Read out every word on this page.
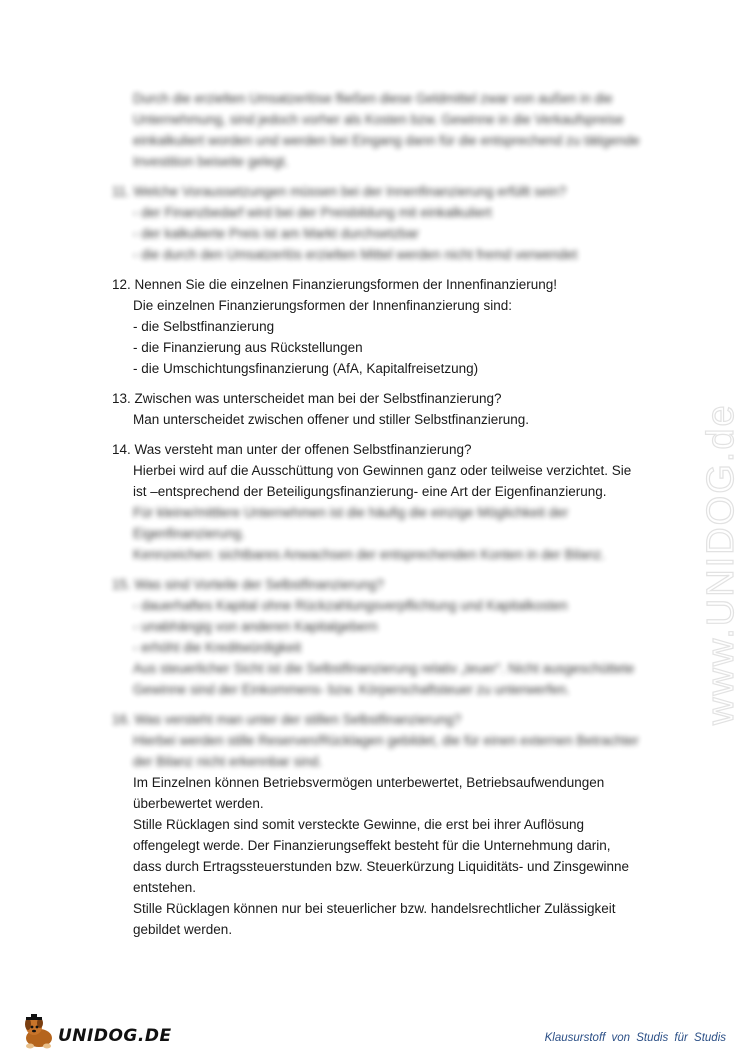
Durch die erzielten Umsatzerlöse fließen diese Geldmittel zwar von außen in die
Unternehmung, sind jedoch vorher als Kosten bzw. Gewinne in die Verkaufspreise
einkalkuliert worden und werden bei Eingang dann für die entsprechend zu tätigende
Investition beiseite gelegt.
11. Welche Voraussetzungen müssen bei der Innenfinanzierung erfüllt sein?
- der Finanzbedarf wird bei der Preisbildung mit einkalkuliert
- der kalkulierte Preis ist am Markt durchsetzbar
- die durch den Umsatzerlös erzielten Mittel werden nicht fremd verwendet
12. Nennen Sie die einzelnen Finanzierungsformen der Innenfinanzierung!
Die einzelnen Finanzierungsformen der Innenfinanzierung sind:
- die Selbstfinanzierung
- die Finanzierung aus Rückstellungen
- die Umschichtungsfinanzierung (AfA, Kapitalfreisetzung)
13. Zwischen was unterscheidet man bei der Selbstfinanzierung?
Man unterscheidet zwischen offener und stiller Selbstfinanzierung.
14. Was versteht man unter der offenen Selbstfinanzierung?
Hierbei wird auf die Ausschüttung von Gewinnen ganz oder teilweise verzichtet. Sie
ist –entsprechend der Beteiligungsfinanzierung- eine Art der Eigenfinanzierung.
Für kleine/mittlere Unternehmen ist die häufig die einzige Möglichkeit der
Eigenfinanzierung.
Kennzeichen: sichtbares Anwachsen der entsprechenden Konten in der Bilanz.
15. Was sind Vorteile der Selbstfinanzierung?
- dauerhaftes Kapital ohne Rückzahlungsverpflichtung und Kapitalkosten
- unabhängig von anderen Kapitalgebern
- erhöht die Kreditwürdigkeit
Aus steuerlicher Sicht ist die Selbstfinanzierung relativ „teuer“. Nicht ausgeschüttete
Gewinne sind der Einkommens- bzw. Körperschaftsteuer zu unterwerfen.
16. Was versteht man unter der stillen Selbstfinanzierung?
Hierbei werden stille Reserven/Rücklagen gebildet, die für einen externen Betrachter
der Bilanz nicht erkennbar sind.
Im Einzelnen können Betriebsvermögen unterbewertet, Betriebsaufwendungen
überbewertet werden.
Stille Rücklagen sind somit versteckte Gewinne, die erst bei ihrer Auflösung
offengelegt werde. Der Finanzierungseffekt besteht für die Unternehmung darin,
dass durch Ertragssteuerstunden bzw. Steuerkürzung Liquiditäts- und Zinsgewinne
entstehen.
Stille Rücklagen können nur bei steuerlicher bzw. handelsrechtlicher Zulässigkeit
gebildet werden.
www.UNIDOG.de
UNIDOG.DE	Klausurstoff von Studis für Studis
